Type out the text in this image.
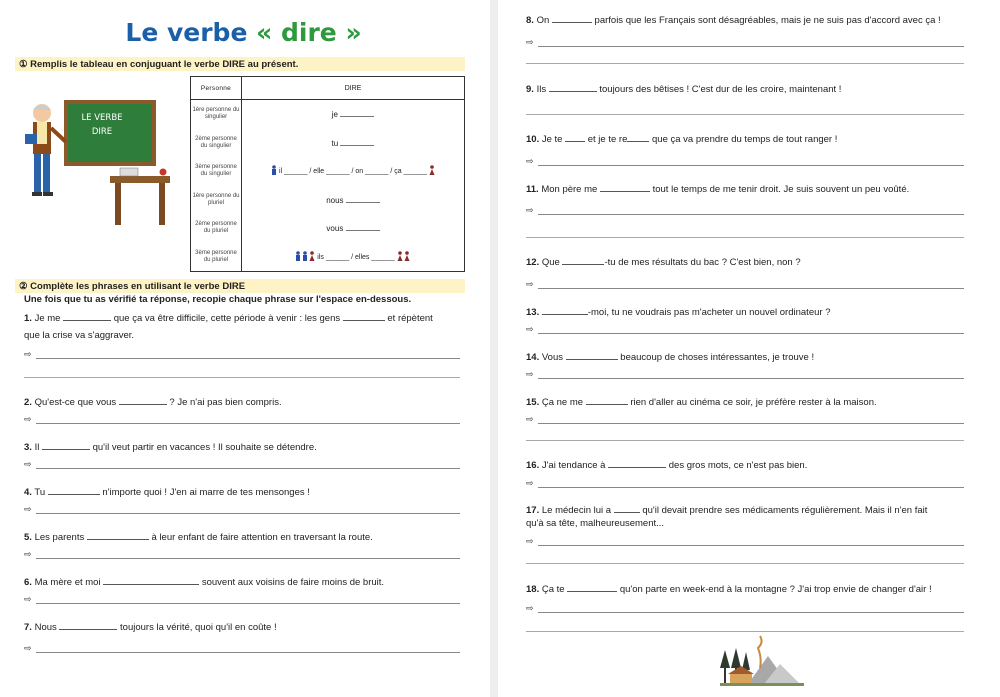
Le verbe « dire »
① Remplis le tableau en conjuguant le verbe DIRE au présent.
LE VERBE
DIRE
Personne	DIRE
1ère personne du singulier	je
2ème personne du singulier	tu
3ème personne du singulier	il ______ / elle ______ / on ______ / ça ______
1ère personne du pluriel	nous
2ème personne du pluriel	vous
3ème personne du pluriel	ils ______ / elles ______
② Complète les phrases en utilisant le verbe DIRE
Une fois que tu as vérifié ta réponse, recopie chaque phrase sur l'espace en-dessous.
1. Je me	que ça va être difficile, cette période à venir : les gens	et répètent
que la crise va s'aggraver.
⇨
2. Qu'est-ce que vous	? Je n'ai pas bien compris.
⇨
3. Il	qu'il veut partir en vacances ! Il souhaite se détendre.
⇨
4. Tu	n'importe quoi ! J'en ai marre de tes mensonges !
⇨
5. Les parents	à leur enfant de faire attention en traversant la route.
⇨
6. Ma mère et moi	souvent aux voisins de faire moins de bruit.
⇨
7. Nous	toujours la vérité, quoi qu'il en coûte !
⇨
8. On	parfois que les Français sont désagréables, mais je ne suis pas d'accord avec ça !
⇨
9. Ils	toujours des bêtises ! C'est dur de les croire, maintenant !
10. Je te	et je te re	que ça va prendre du temps de tout ranger !
⇨
11. Mon père me	tout le temps de me tenir droit. Je suis souvent un peu voûté.
⇨
12. Que	-tu de mes résultats du bac ? C'est bien, non ?
⇨
13.	-moi, tu ne voudrais pas m'acheter un nouvel ordinateur ?
⇨
14. Vous	beaucoup de choses intéressantes, je trouve !
⇨
15. Ça ne me	rien d'aller au cinéma ce soir, je préfère rester à la maison.
⇨
16. J'ai tendance à	des gros mots, ce n'est pas bien.
⇨
17. Le médecin lui a	qu'il devait prendre ses médicaments régulièrement. Mais il n'en fait
qu'à sa tête, malheureusement...
⇨
18. Ça te	qu'on parte en week-end à la montagne ? J'ai trop envie de changer d'air !
⇨
